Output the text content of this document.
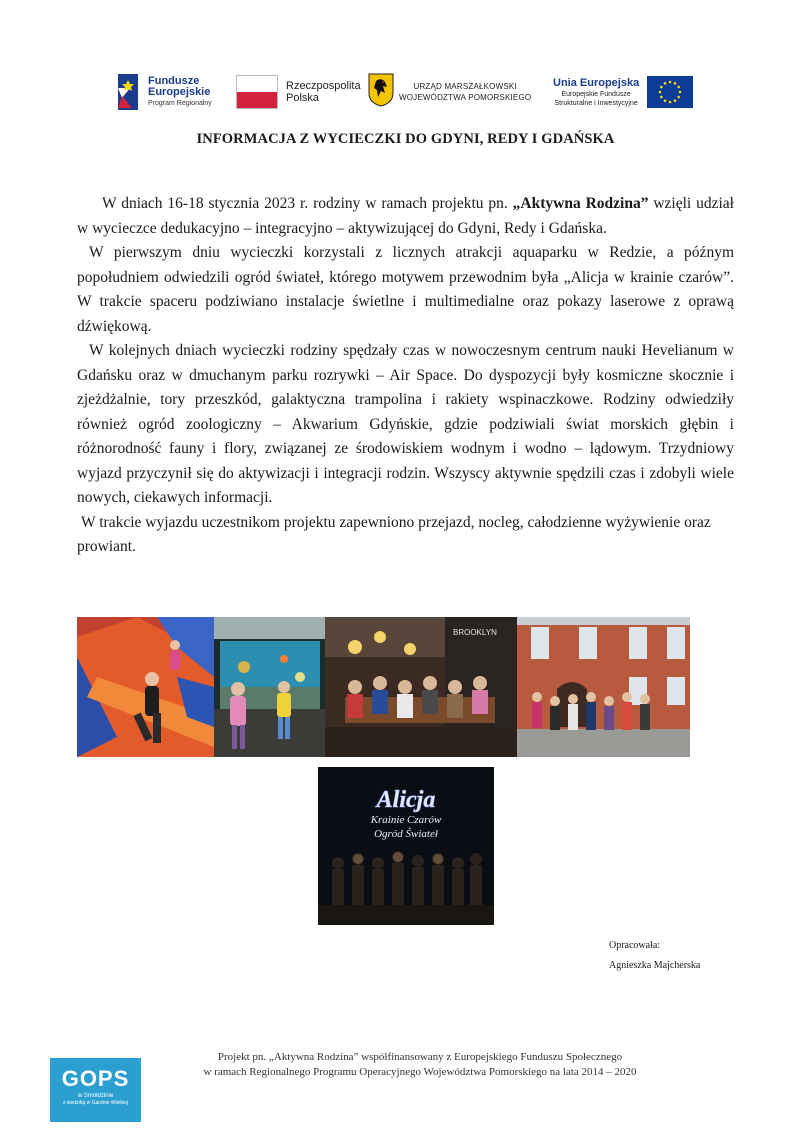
Fundusze
Europejskie
Program Regionalny
Rzeczpospolita
Polska
URZĄD MARSZAŁKOWSKI
WOJEWÓDZTWA POMORSKIEGO
Unia Europejska
Europejskie Fundusze
Strukturalne i Inwestycyjne
INFORMACJA Z WYCIECZKI DO GDYNI, REDY I GDAŃSKA

W dniach 16-18 stycznia 2023 r. rodziny w ramach projektu pn. „Aktywna Rodzina” wzięli udział w wycieczce dedukacyjno – integracyjno – aktywizującej do Gdyni, Redy i Gdańska.

W pierwszym dniu wycieczki korzystali z licznych atrakcji aquaparku w Redzie, a późnym popołudniem odwiedzili ogród świateł, którego motywem przewodnim była „Alicja w krainie czarów”. W trakcie spaceru podziwiano instalacje świetlne i multimedialne oraz pokazy laserowe z oprawą dźwiękową.

W kolejnych dniach wycieczki rodziny spędzały czas w nowoczesnym centrum nauki Hevelianum w Gdańsku oraz w dmuchanym parku rozrywki – Air Space. Do dyspozycji były kosmiczne skocznie i zjeżdżalnie, tory przeszkód, galaktyczna trampolina i rakiety wspinaczkowe. Rodziny odwiedziły również ogród zoologiczny – Akwarium Gdyńskie, gdzie podziwiali świat morskich głębin i różnorodność fauny i flory, związanej ze środowiskiem wodnym i wodno – lądowym. Trzydniowy wyjazd przyczynił się do aktywizacji i integracji rodzin. Wszyscy aktywnie spędzili czas i zdobyli wiele nowych, ciekawych informacji.

W trakcie wyjazdu uczestnikom projektu zapewniono przejazd, nocleg, całodzienne wyżywienie oraz prowiant.

BROOKLYN
Alicja
Krainie Czarów
Ogród Świateł
Opracowała:
Agnieszka Majcherska
GOPS
w Smołdzinie
z siedzibą w Gardnie Wielkiej
Projekt pn. „Aktywna Rodzina” współfinansowany z Europejskiego Funduszu Społecznego
w ramach Regionalnego Programu Operacyjnego Województwa Pomorskiego na lata 2014 – 2020
